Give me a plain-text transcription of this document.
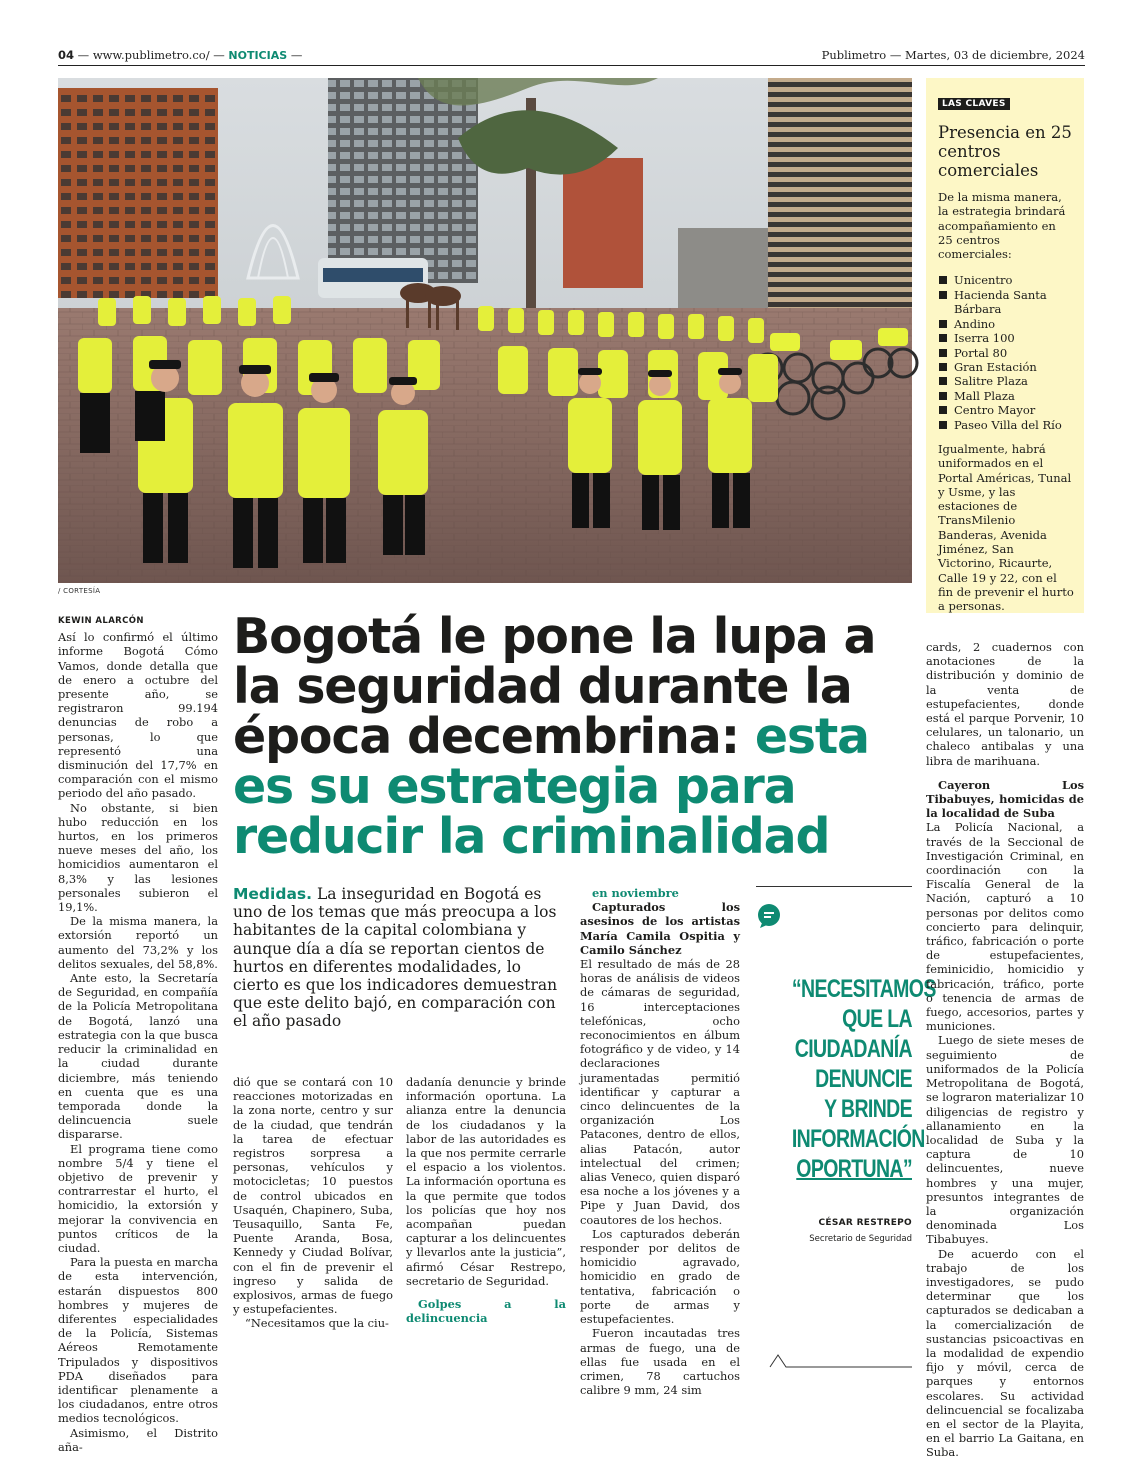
04 — www.publimetro.co/ — NOTICIAS —	Publimetro — Martes, 03 de diciembre, 2024
/ CORTESÍA
LAS CLAVES
Presencia en 25 centros comerciales

De la misma manera, la estrategia brindará acompañamiento en 25 centros comerciales:

Unicentro
Hacienda Santa Bárbara
Andino
Iserra 100
Portal 80
Gran Estación
Salitre Plaza
Mall Plaza
Centro Mayor
Paseo Villa del Río

Igualmente, habrá uniformados en el Portal Américas, Tunal y Usme, y las estaciones de TransMilenio Banderas, Avenida Jiménez, San Victorino, Ricaurte, Calle 19 y 22, con el fin de prevenir el hurto a personas.

KEWIN ALARCÓN

Así lo confirmó el último informe Bogotá Cómo Vamos, donde detalla que de enero a octubre del presente año, se registraron 99.194 denuncias de robo a personas, lo que representó una disminución del 17,7% en comparación con el mismo periodo del año pasado.

No obstante, si bien hubo reducción en los hurtos, en los primeros nueve meses del año, los homicidios aumentaron el 8,3% y las lesiones personales subieron el 19,1%.

De la misma manera, la extorsión reportó un aumento del 73,2% y los delitos sexuales, del 58,8%.

Ante esto, la Secretaría de Seguridad, en compañía de la Policía Metropolitana de Bogotá, lanzó una estrategia con la que busca reducir la criminalidad en la ciudad durante diciembre, más teniendo en cuenta que es una temporada donde la delincuencia suele dispararse.

El programa tiene como nombre 5/4 y tiene el objetivo de prevenir y contrarrestar el hurto, el homicidio, la extorsión y mejorar la convivencia en puntos críticos de la ciudad.

Para la puesta en marcha de esta intervención, estarán dispuestos 800 hombres y mujeres de diferentes especialidades de la Policía, Sistemas Aéreos Remotamente Tripulados y dispositivos PDA diseñados para identificar plenamente a los ciudadanos, entre otros medios tecnológicos.

Asimismo, el Distrito aña-

Bogotá le pone la lupa a la seguridad durante la época decembrina: esta es su estrategia para reducir la criminalidad
Medidas. La inseguridad en Bogotá es uno de los temas que más preocupa a los habitantes de la capital colombiana y aunque día a día se reportan cientos de hurtos en diferentes modalidades, lo cierto es que los indicadores demuestran que este delito bajó, en comparación con el año pasado

dió que se contará con 10 reacciones motorizadas en la zona norte, centro y sur de la ciudad, que tendrán la tarea de efectuar registros sorpresa a personas, vehículos y motocicletas; 10 puestos de control ubicados en Usaquén, Chapinero, Suba, Teusaquillo, Santa Fe, Puente Aranda, Bosa, Kennedy y Ciudad Bolívar, con el fin de prevenir el ingreso y salida de explosivos, armas de fuego y estupefacientes.

“Necesitamos que la ciu-

dadanía denuncie y brinde información oportuna. La alianza entre la denuncia de los ciudadanos y la labor de las autoridades es la que nos permite cerrarle el espacio a los violentos. La información oportuna es la que permite que todos los policías que hoy nos acompañan puedan capturar a los delincuentes y llevarlos ante la justicia”, afirmó César Restrepo, secretario de Seguridad.

Golpes a la delincuencia

en noviembre

Capturados los asesinos de los artistas María Camila Ospitia y Camilo Sánchez

El resultado de más de 28 horas de análisis de videos de cámaras de seguridad, 16 interceptaciones telefónicas, ocho reconocimientos en álbum fotográfico y de video, y 14 declaraciones juramentadas permitió identificar y capturar a cinco delincuentes de la organización Los Patacones, dentro de ellos, alias Patacón, autor intelectual del crimen; alias Veneco, quien disparó esa noche a los jóvenes y a Pipe y Juan David, dos coautores de los hechos.

Los capturados deberán responder por delitos de homicidio agravado, homicidio en grado de tentativa, fabricación o porte de armas y estupefacientes.

Fueron incautadas tres armas de fuego, una de ellas fue usada en el crimen, 78 cartuchos calibre 9 mm, 24 sim

“NECESITAMOS
QUE LA
CIUDADANÍA
DENUNCIE
Y BRINDE
INFORMACIÓN
OPORTUNA”
CÉSAR RESTREPO
Secretario de Seguridad

cards, 2 cuadernos con anotaciones de la distribución y dominio de la venta de estupefacientes, donde está el parque Porvenir, 10 celulares, un talonario, un chaleco antibalas y una libra de marihuana.

Cayeron Los Tibabuyes, homicidas de la localidad de Suba

La Policía Nacional, a través de la Seccional de Investigación Criminal, en coordinación con la Fiscalía General de la Nación, capturó a 10 personas por delitos como concierto para delinquir, tráfico, fabricación o porte de estupefacientes, feminicidio, homicidio y fabricación, tráfico, porte o tenencia de armas de fuego, accesorios, partes y municiones.

Luego de siete meses de seguimiento de uniformados de la Policía Metropolitana de Bogotá, se lograron materializar 10 diligencias de registro y allanamiento en la localidad de Suba y la captura de 10 delincuentes, nueve hombres y una mujer, presuntos integrantes de la organización denominada Los Tibabuyes.

De acuerdo con el trabajo de los investigadores, se pudo determinar que los capturados se dedicaban a la comercialización de sustancias psicoactivas en la modalidad de expendio fijo y móvil, cerca de parques y entornos escolares. Su actividad delincuencial se focalizaba en el sector de la Playita, en el barrio La Gaitana, en Suba.
